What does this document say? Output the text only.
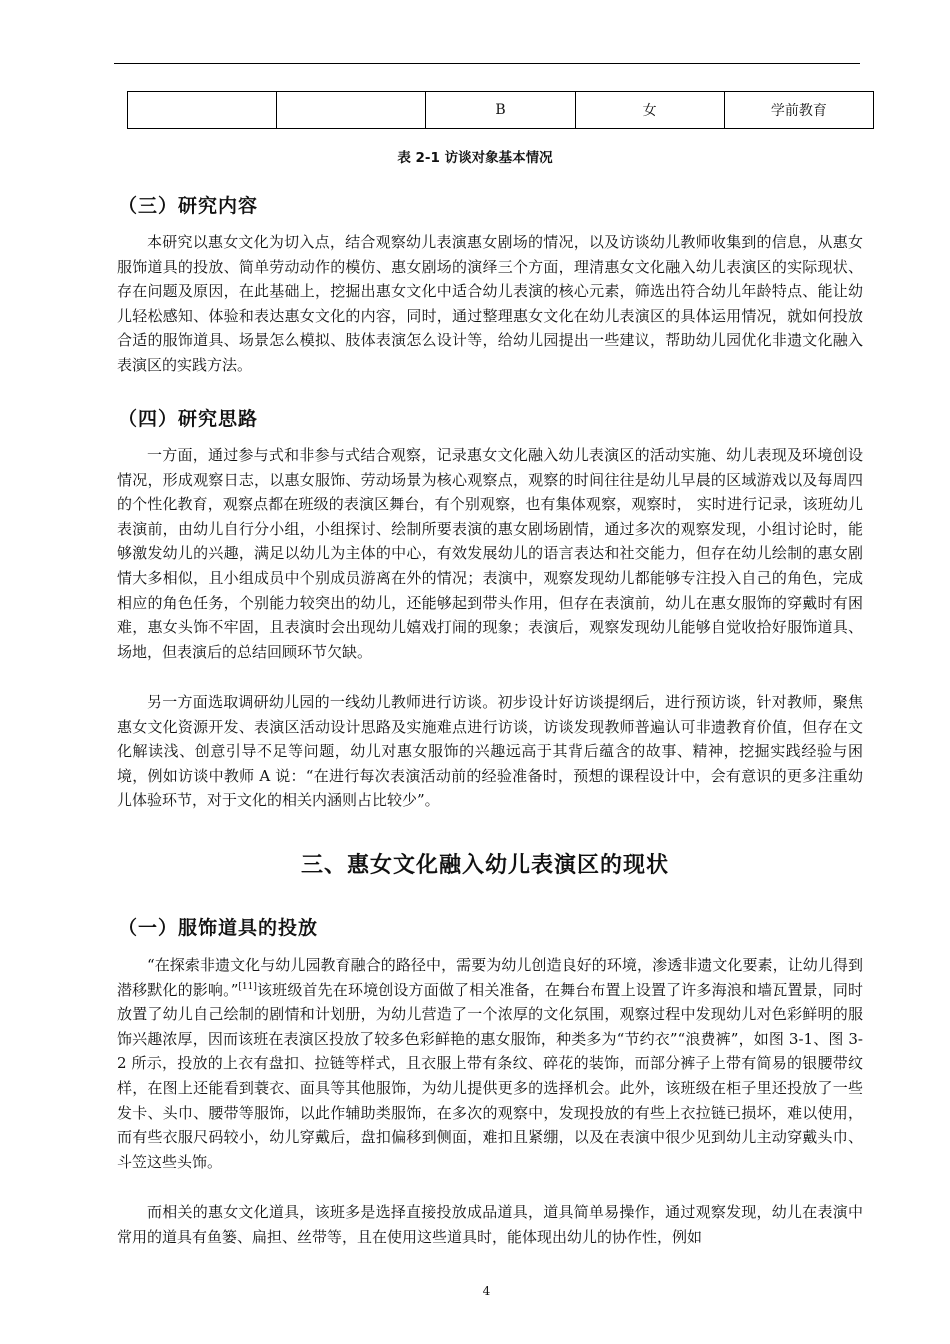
		B	女	学前教育
表 2-1 访谈对象基本情况
（三）研究内容

本研究以惠女文化为切入点，结合观察幼儿表演惠女剧场的情况，以及访谈幼儿教师收集到的信息，从惠女服饰道具的投放、简单劳动动作的模仿、惠女剧场的演绎三个方面，理清惠女文化融入幼儿表演区的实际现状、存在问题及原因，在此基础上，挖掘出惠女文化中适合幼儿表演的核心元素，筛选出符合幼儿年龄特点、能让幼儿轻松感知、体验和表达惠女文化的内容，同时，通过整理惠女文化在幼儿表演区的具体运用情况，就如何投放合适的服饰道具、场景怎么模拟、肢体表演怎么设计等，给幼儿园提出一些建议，帮助幼儿园优化非遗文化融入表演区的实践方法。

（四）研究思路

一方面，通过参与式和非参与式结合观察，记录惠女文化融入幼儿表演区的活动实施、幼儿表现及环境创设情况，形成观察日志，以惠女服饰、劳动场景为核心观察点，观察的时间往往是幼儿早晨的区域游戏以及每周四的个性化教育，观察点都在班级的表演区舞台，有个别观察，也有集体观察，观察时， 实时进行记录，该班幼儿表演前，由幼儿自行分小组，小组探讨、绘制所要表演的惠女剧场剧情，通过多次的观察发现，小组讨论时，能够激发幼儿的兴趣，满足以幼儿为主体的中心，有效发展幼儿的语言表达和社交能力，但存在幼儿绘制的惠女剧情大多相似，且小组成员中个别成员游离在外的情况；表演中，观察发现幼儿都能够专注投入自己的角色，完成相应的角色任务，个别能力较突出的幼儿，还能够起到带头作用，但存在表演前，幼儿在惠女服饰的穿戴时有困难，惠女头饰不牢固，且表演时会出现幼儿嬉戏打闹的现象；表演后，观察发现幼儿能够自觉收拾好服饰道具、场地，但表演后的总结回顾环节欠缺。

另一方面选取调研幼儿园的一线幼儿教师进行访谈。初步设计好访谈提纲后，进行预访谈，针对教师，聚焦惠女文化资源开发、表演区活动设计思路及实施难点进行访谈，访谈发现教师普遍认可非遗教育价值，但存在文化解读浅、创意引导不足等问题，幼儿对惠女服饰的兴趣远高于其背后蕴含的故事、精神，挖掘实践经验与困境，例如访谈中教师 A 说：“在进行每次表演活动前的经验准备时，预想的课程设计中，会有意识的更多注重幼儿体验环节，对于文化的相关内涵则占比较少”。

三、惠女文化融入幼儿表演区的现状
（一）服饰道具的投放

“在探索非遗文化与幼儿园教育融合的路径中，需要为幼儿创造良好的环境，渗透非遗文化要素，让幼儿得到潜移默化的影响。”[11]该班级首先在环境创设方面做了相关准备，在舞台布置上设置了许多海浪和墙瓦置景，同时放置了幼儿自己绘制的剧情和计划册，为幼儿营造了一个浓厚的文化氛围，观察过程中发现幼儿对色彩鲜明的服饰兴趣浓厚，因而该班在表演区投放了较多色彩鲜艳的惠女服饰，种类多为“节约衣”“浪费裤”，如图 3-1、图 3-2 所示，投放的上衣有盘扣、拉链等样式，且衣服上带有条纹、碎花的装饰，而部分裤子上带有简易的银腰带纹样，在图上还能看到蓑衣、面具等其他服饰，为幼儿提供更多的选择机会。此外，该班级在柜子里还投放了一些发卡、头巾、腰带等服饰，以此作辅助类服饰，在多次的观察中，发现投放的有些上衣拉链已损坏，难以使用，而有些衣服尺码较小，幼儿穿戴后，盘扣偏移到侧面，难扣且紧绷，以及在表演中很少见到幼儿主动穿戴头巾、斗笠这些头饰。

而相关的惠女文化道具，该班多是选择直接投放成品道具，道具简单易操作，通过观察发现，幼儿在表演中常用的道具有鱼篓、扁担、丝带等，且在使用这些道具时，能体现出幼儿的协作性，例如

4
